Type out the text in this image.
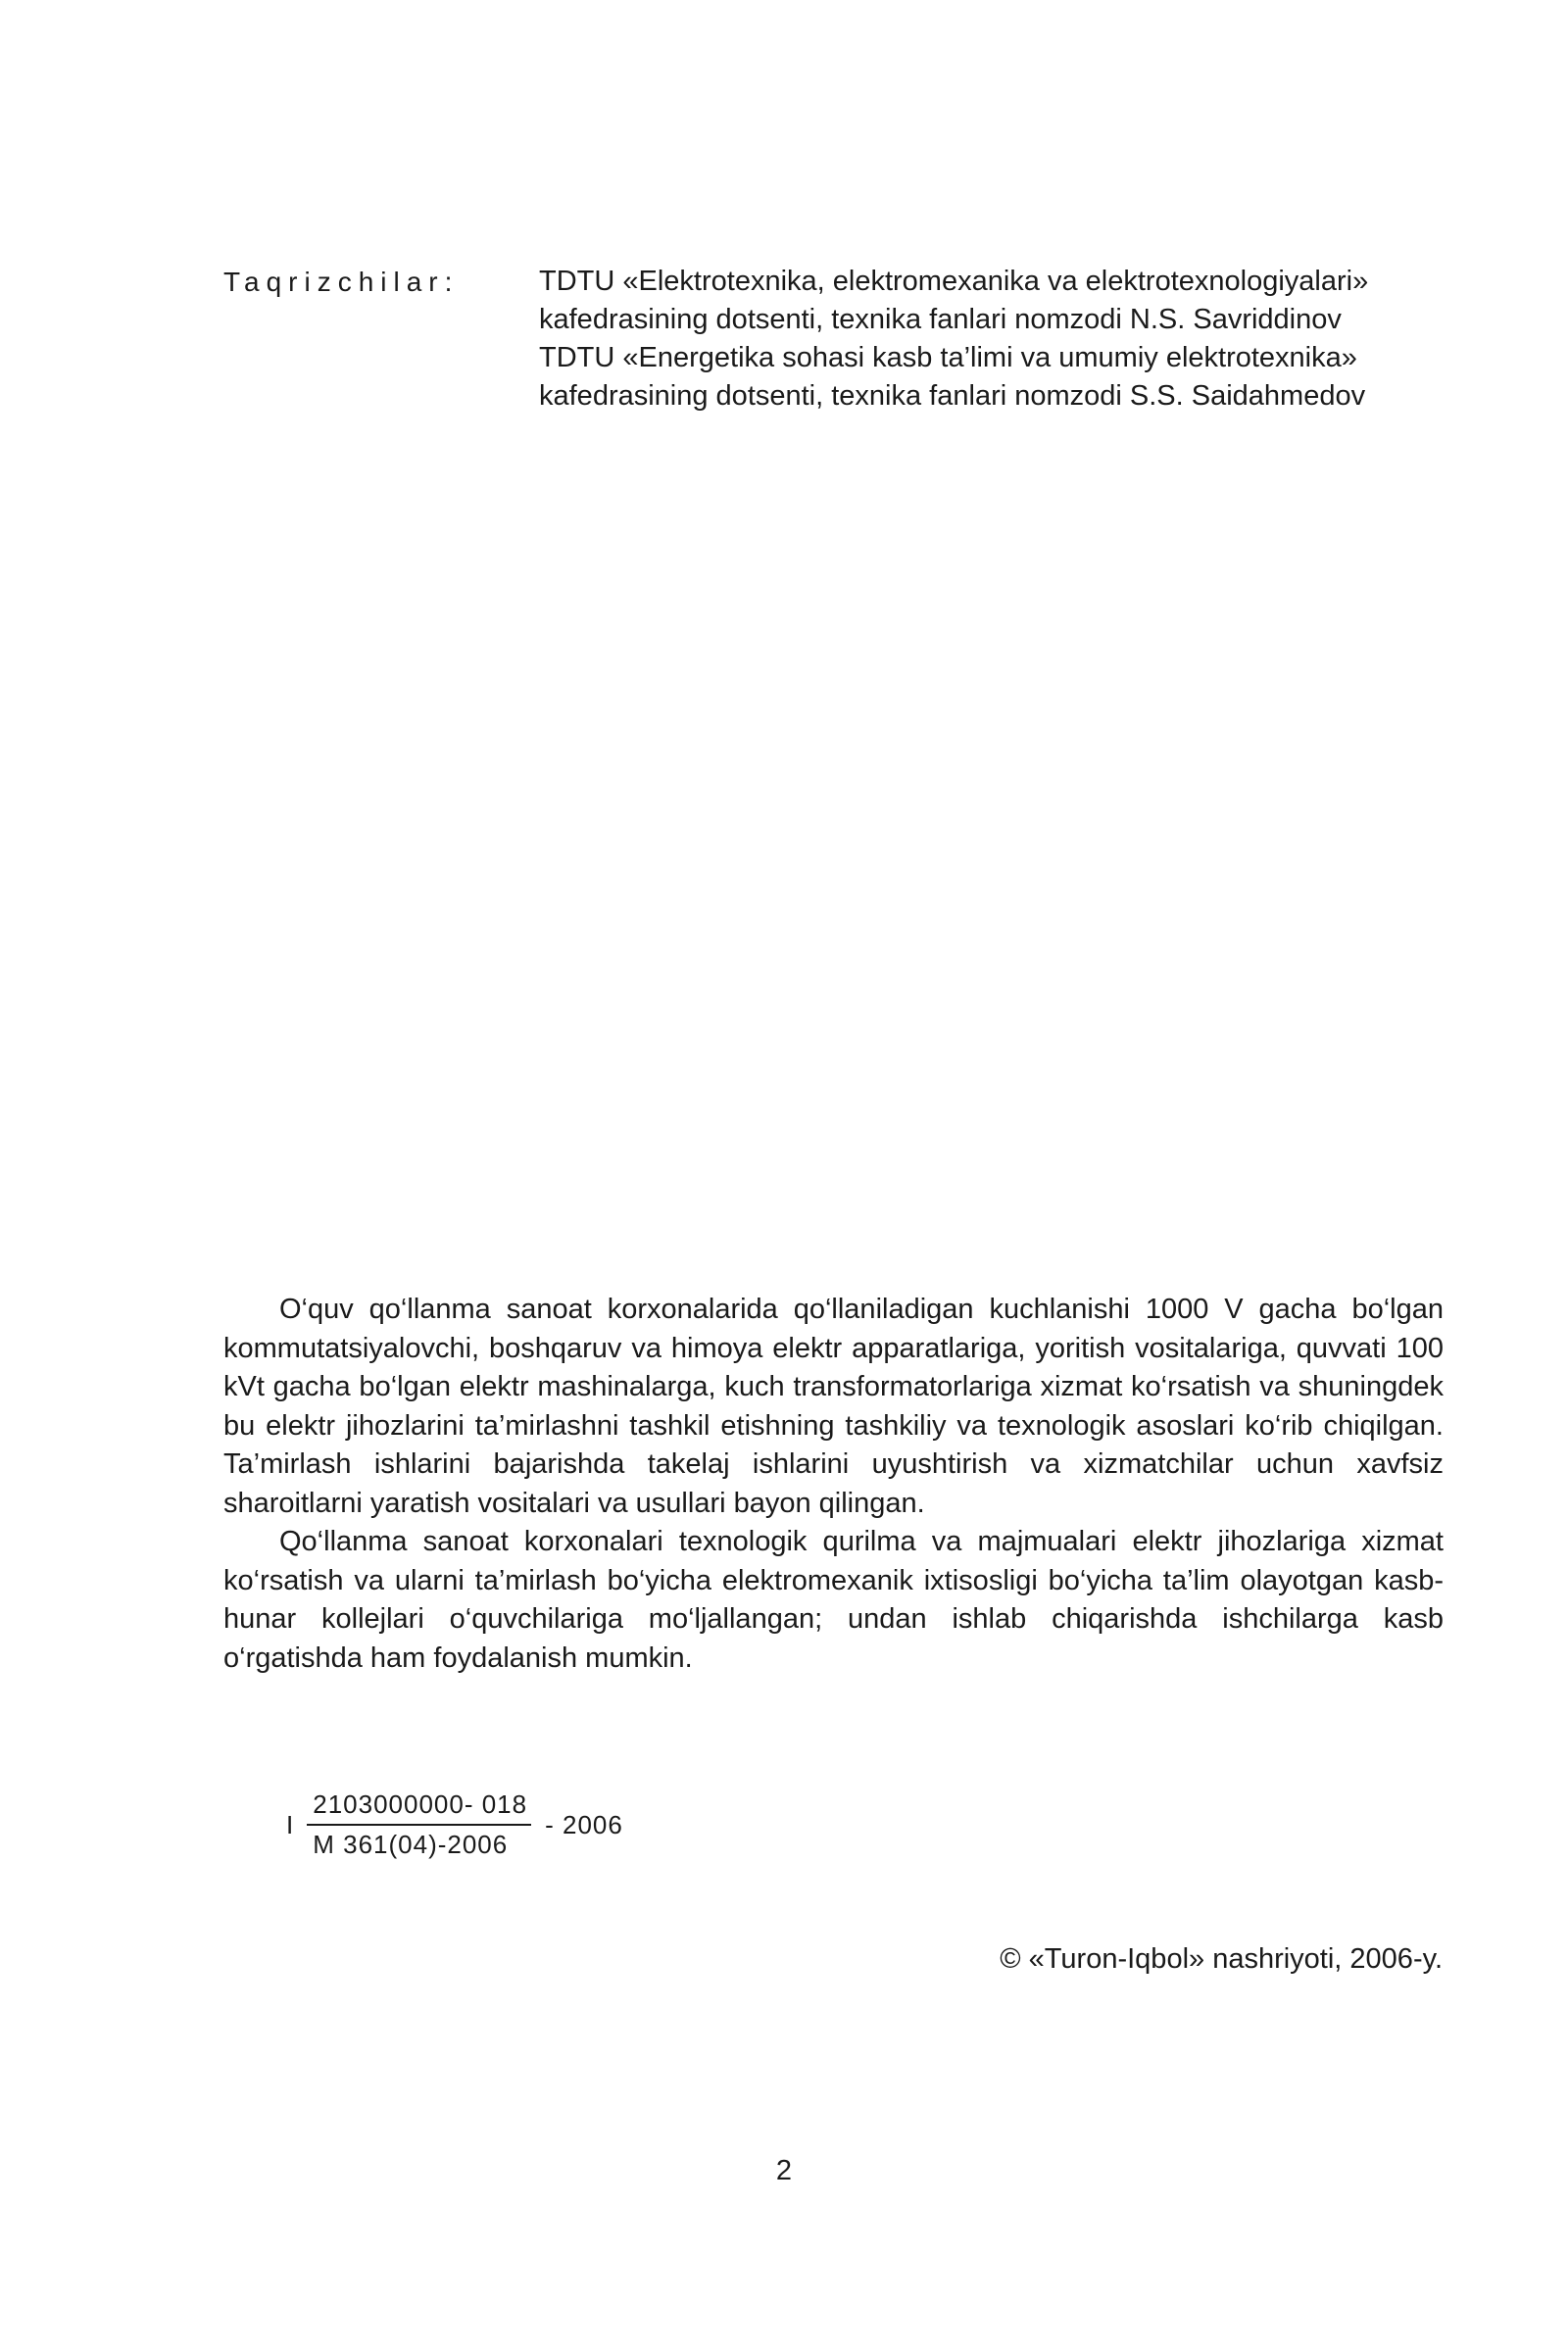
Taqrizchilar:	TDTU «Elektrotexnika, elektromexanika va elektrotexnologiyalari»
kafedrasining dotsenti, texnika fanlari nomzodi N.S. Savriddinov
TDTU «Energetika sohasi kasb ta’limi va umumiy elektrotexnika»
kafedrasining dotsenti, texnika fanlari nomzodi S.S. Saidahmedov

O‘quv qo‘llanma sanoat korxonalarida qo‘llaniladigan kuchlanishi 1000 V gacha bo‘lgan kommutatsiyalovchi, boshqaruv va himoya elektr apparatlariga, yoritish vositalariga, quvvati 100 kVt gacha bo‘lgan elektr mashinalarga, kuch transformatorlariga xizmat ko‘rsatish va shuningdek bu elektr jihozlarini ta’mirlashni tashkil etishning tashkiliy va texnologik asoslari ko‘rib chiqilgan. Ta’mirlash ishlarini bajarishda takelaj ishlarini uyushtirish va xizmatchilar uchun xavfsiz sharoitlarni yaratish vositalari va usullari bayon qilingan.

Qo‘llanma sanoat korxonalari texnologik qurilma va majmualari elektr jihozlariga xizmat ko‘rsatish va ularni ta’mirlash bo‘yicha elektromexanik ixtisosligi bo‘yicha ta’lim olayotgan kasb-hunar kollejlari o‘quvchilariga mo‘ljallangan; undan ishlab chiqarishda ishchilarga kasb o‘rgatishda ham foydalanish mumkin.

I $\frac{2103000000- 018}{M 361(04)-2006} - 2006$
© «Turon-Iqbol» nashriyoti, 2006-y.
2
